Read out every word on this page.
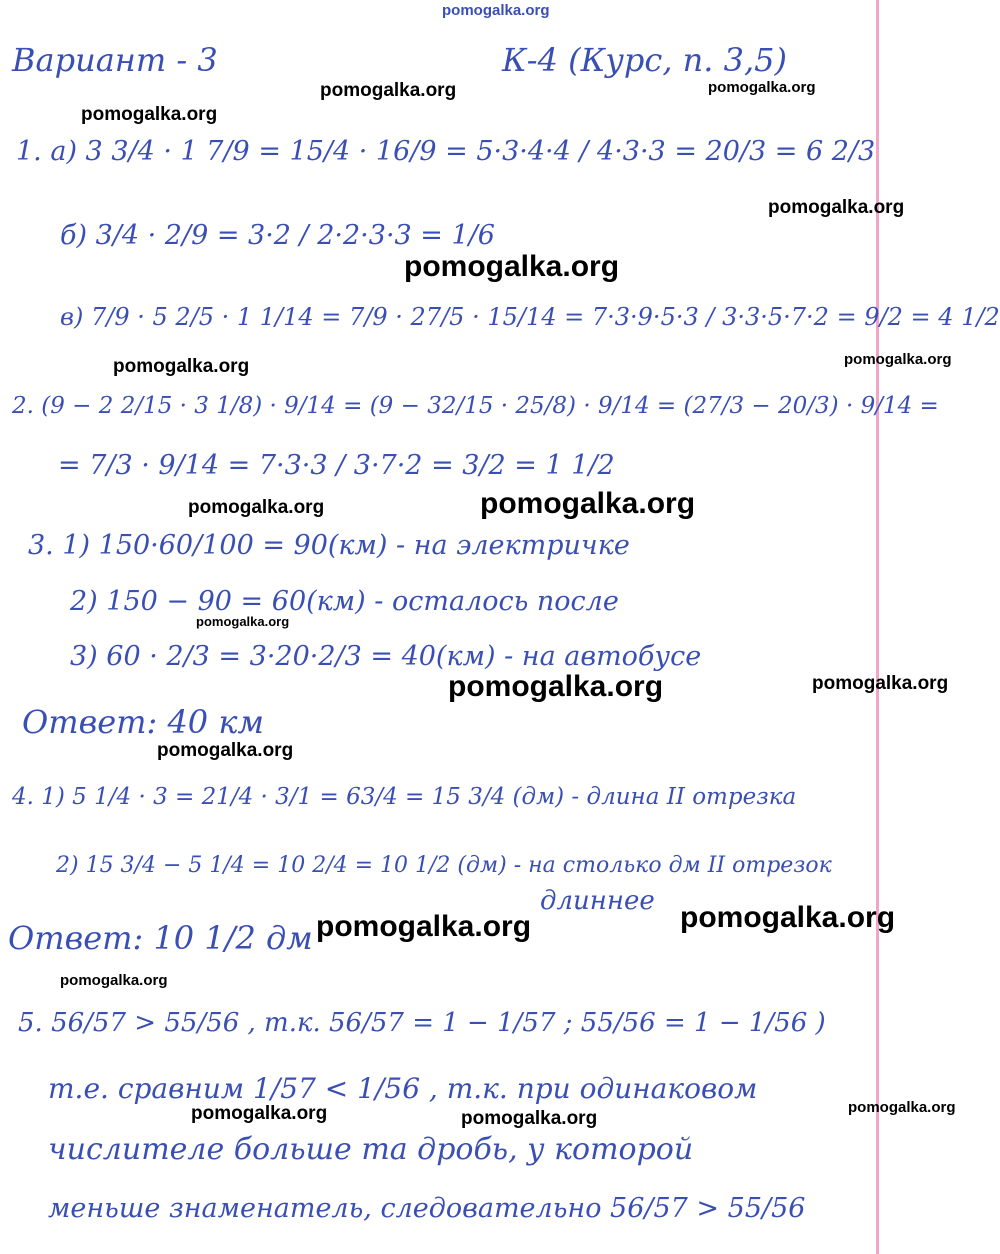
pomogalka.org
Вариант - 3	К-4 (Курс, п. 3,5)
1. а) 3 3/4 · 1 7/9 = 15/4 · 16/9 = 5·3·4·4 / 4·3·3 = 20/3 = 6 2/3
б) 3/4 · 2/9 = 3·2 / 2·2·3·3 = 1/6
в) 7/9 · 5 2/5 · 1 1/14 = 7/9 · 27/5 · 15/14 = 7·3·9·5·3 / 3·3·5·7·2 = 9/2 = 4 1/2
2. (9 − 2 2/15 · 3 1/8) · 9/14 = (9 − 32/15 · 25/8) · 9/14 = (27/3 − 20/3) · 9/14 =
= 7/3 · 9/14 = 7·3·3 / 3·7·2 = 3/2 = 1 1/2
3. 1) 150·60/100 = 90(км) - на электричке
2) 150 − 90 = 60(км) - осталось после
3) 60 · 2/3 = 3·20·2/3 = 40(км) - на автобусе
Ответ: 40 км
4. 1) 5 1/4 · 3 = 21/4 · 3/1 = 63/4 = 15 3/4 (дм) - длина II отрезка
2) 15 3/4 − 5 1/4 = 10 2/4 = 10 1/2 (дм) - на столько дм II отрезок
длиннее
Ответ: 10 1/2 дм
5. 56/57 > 55/56 , т.к. 56/57 = 1 − 1/57 ; 55/56 = 1 − 1/56 )
т.е. сравним 1/57 < 1/56 , т.к. при одинаковом
числителе больше та дробь, у которой
меньше знаменатель, следовательно 56/57 > 55/56
pomogalka.org	pomogalka.org
pomogalka.org
pomogalka.org
pomogalka.org
pomogalka.org	pomogalka.org
pomogalka.org
pomogalka.org
pomogalka.org
pomogalka.org	pomogalka.org
pomogalka.org
pomogalka.org
pomogalka.org
pomogalka.org
pomogalka.org
pomogalka.org	pomogalka.org
